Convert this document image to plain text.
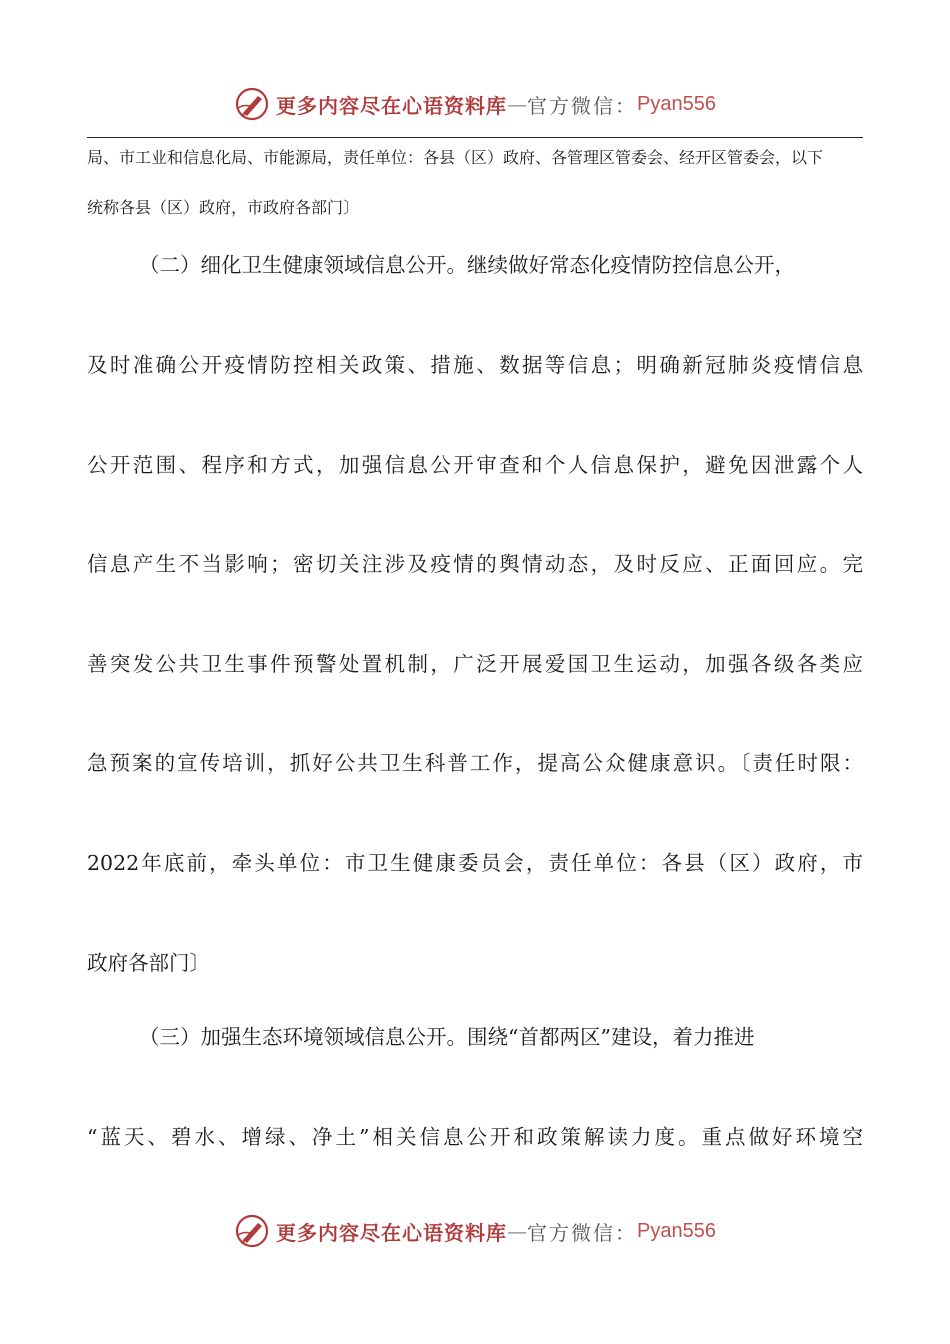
更多内容尽在心语资料库 — 官方微信： Pyan556
局、市工业和信息化局、市能源局，责任单位：各县（区）政府、各管理区管委会、经开区管委会，以下
统称各县（区）政府，市政府各部门〕
（二）细化卫生健康领域信息公开。继续做好常态化疫情防控信息公开，
及时准确公开疫情防控相关政策、措施、数据等信息；明确新冠肺炎疫情信息
公开范围、程序和方式，加强信息公开审查和个人信息保护，避免因泄露个人
信息产生不当影响；密切关注涉及疫情的舆情动态，及时反应、正面回应。完
善突发公共卫生事件预警处置机制，广泛开展爱国卫生运动，加强各级各类应
急预案的宣传培训，抓好公共卫生科普工作，提高公众健康意识。〔责任时限：
2022年底前，牵头单位：市卫生健康委员会，责任单位：各县（区）政府，市
政府各部门〕
（三）加强生态环境领域信息公开。围绕“首都两区”建设，着力推进
“蓝天、碧水、增绿、净土”相关信息公开和政策解读力度。重点做好环境空
更多内容尽在心语资料库 — 官方微信： Pyan556
